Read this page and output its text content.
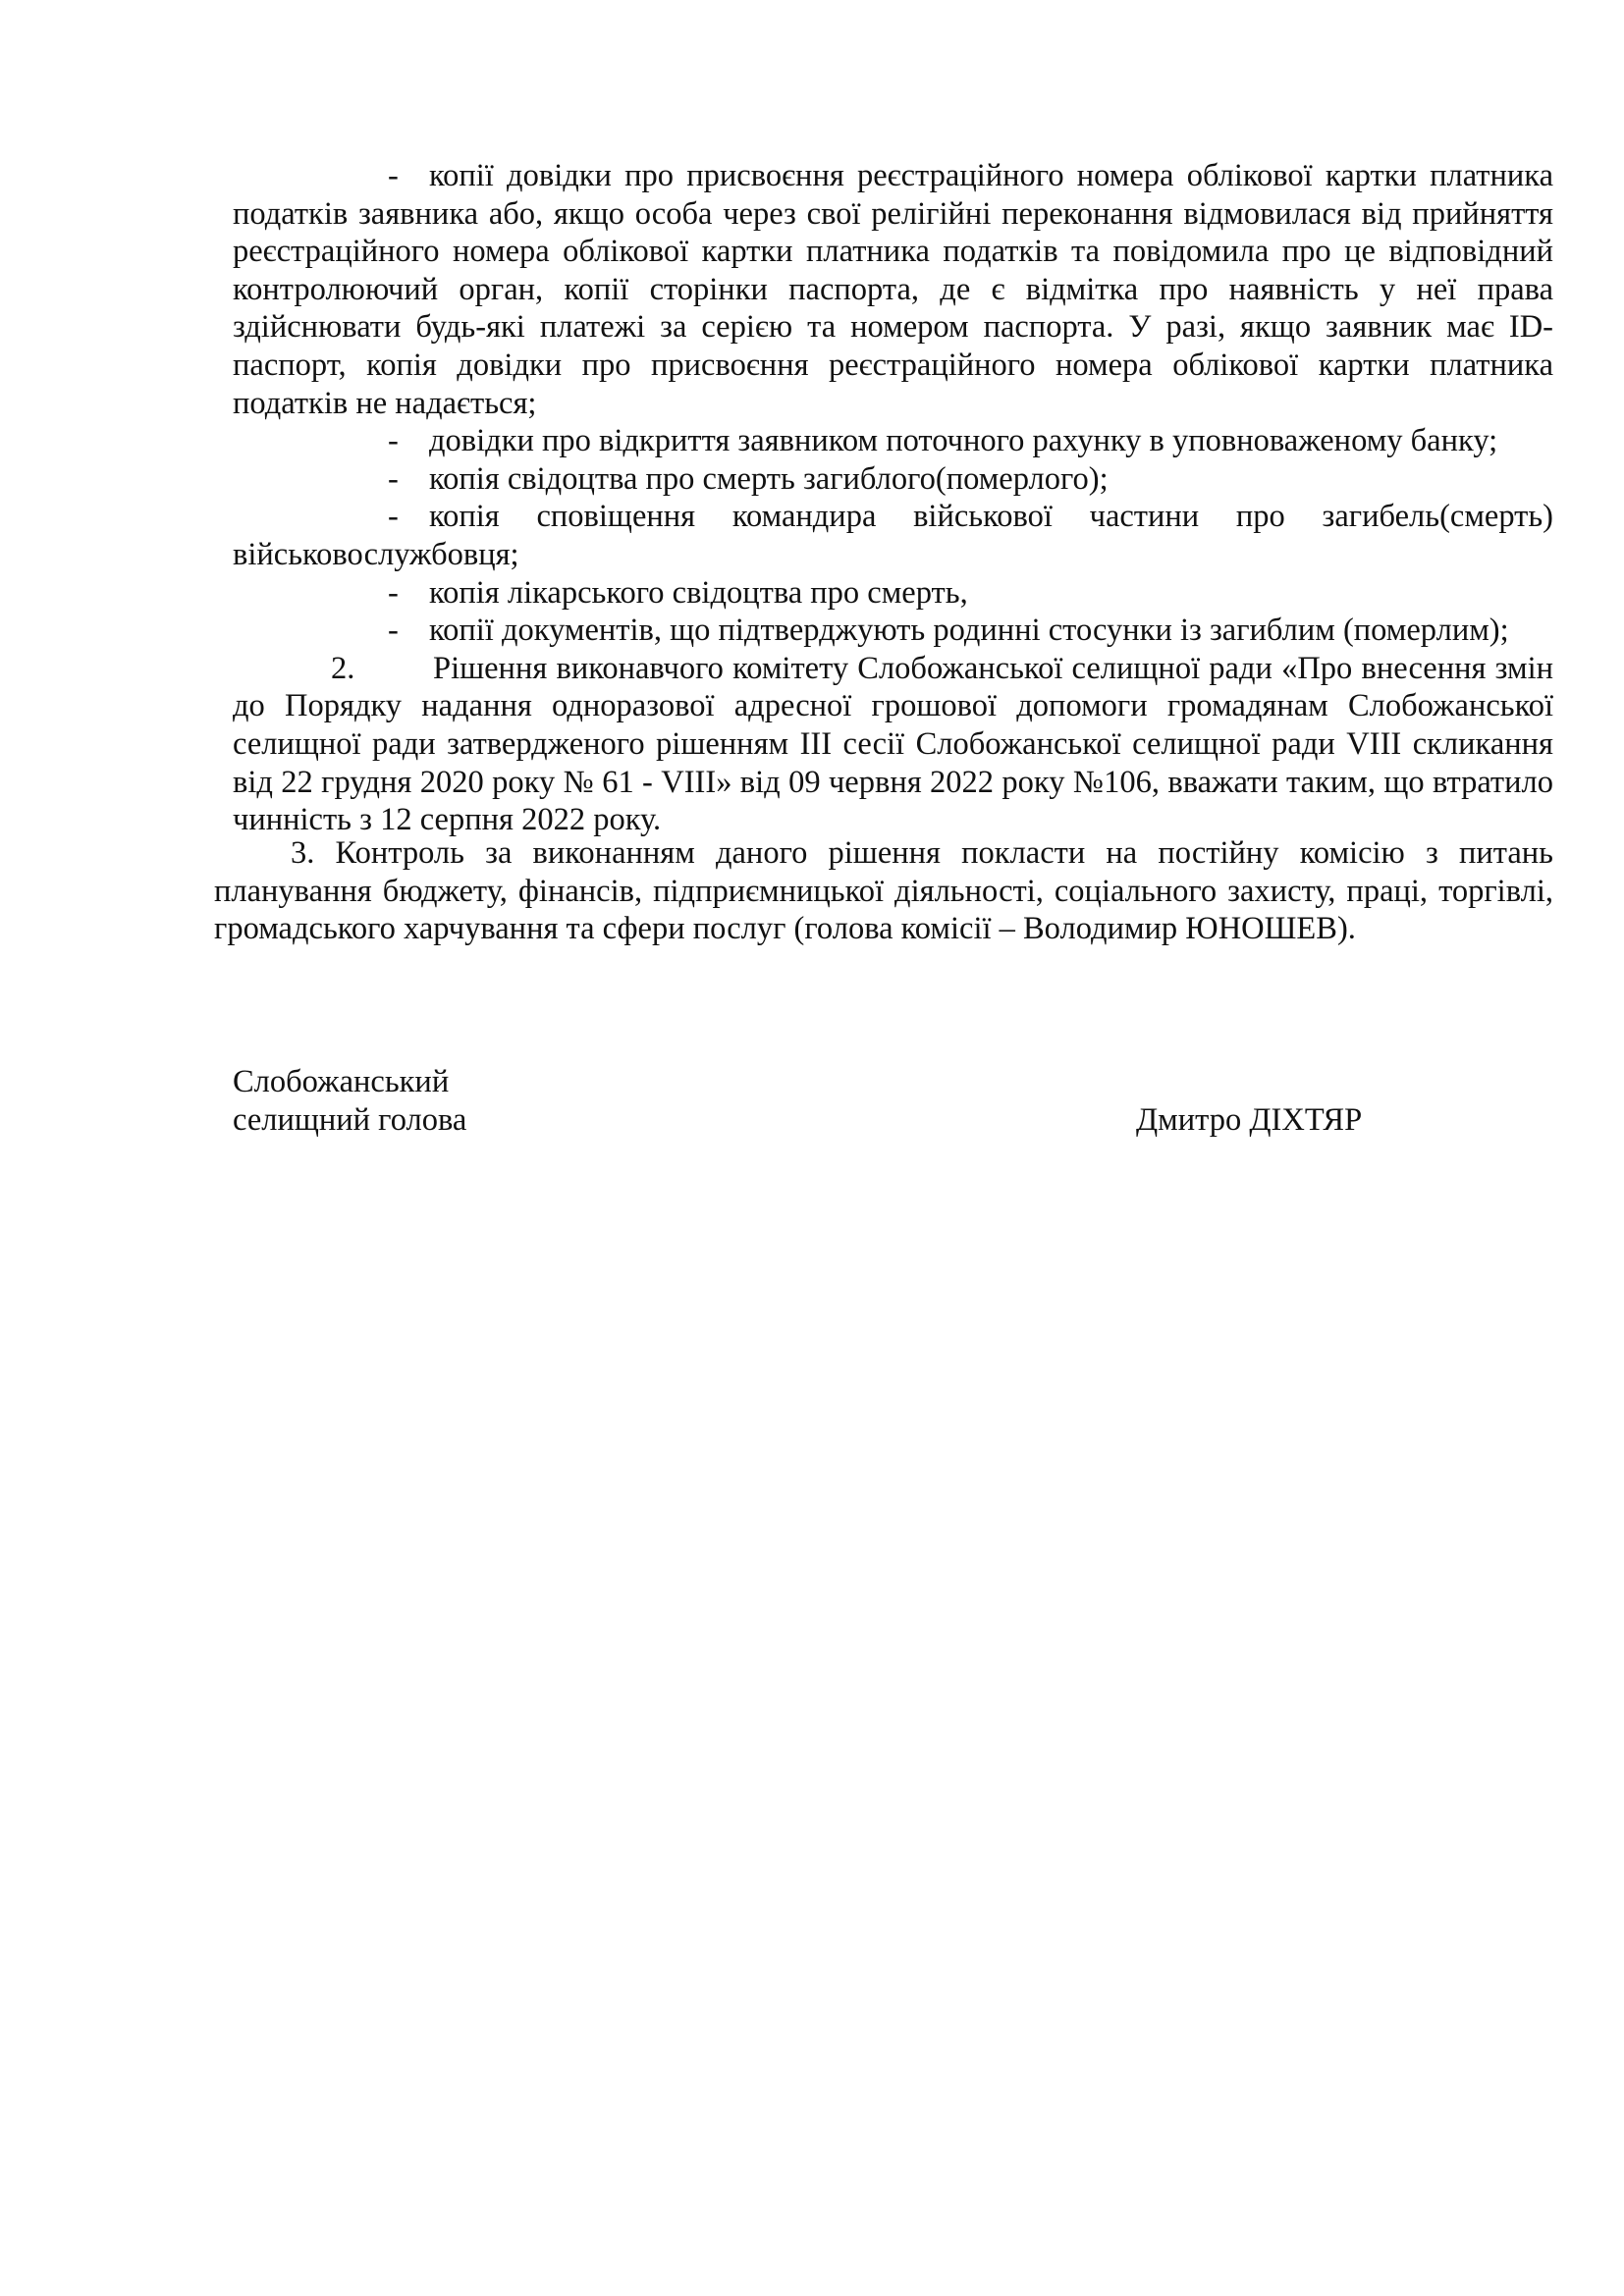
- копії довідки про присвоєння реєстраційного номера облікової картки платника податків заявника або, якщо особа через свої релігійні переконання відмовилася від прийняття реєстраційного номера облікової картки платника податків та повідомила про це відповідний контролюючий орган, копії сторінки паспорта, де є відмітка про наявність у неї права здійснювати будь-які платежі за серією та номером паспорта. У разі, якщо заявник має ID-паспорт, копія довідки про присвоєння реєстраційного номера облікової картки платника податків не надається;

- довідки про відкриття заявником поточного рахунку в уповноваженому банку;

- копія свідоцтва про смерть загиблого(померлого);

- копія сповіщення командира військової частини про загибель(смерть) військовослужбовця;

- копія лікарського свідоцтва про смерть,

- копії документів, що підтверджують родинні стосунки із загиблим (померлим);

2. Рішення виконавчого комітету Слобожанської селищної ради «Про внесення змін до Порядку надання одноразової адресної грошової допомоги громадянам Слобожанської селищної ради затвердженого рішенням ІІІ сесії Слобожанської селищної ради VIII скликання від 22 грудня 2020 року № 61 - VIII» від 09 червня 2022 року №106, вважати таким, що втратило чинність з 12 серпня 2022 року.

3. Контроль за виконанням даного рішення покласти на постійну комісію з питань планування бюджету, фінансів, підприємницької діяльності, соціального захисту, праці, торгівлі, громадського харчування та сфери послуг (голова комісії – Володимир ЮНОШЕВ).

Слобожанський
селищний голова	Дмитро ДІХТЯР
